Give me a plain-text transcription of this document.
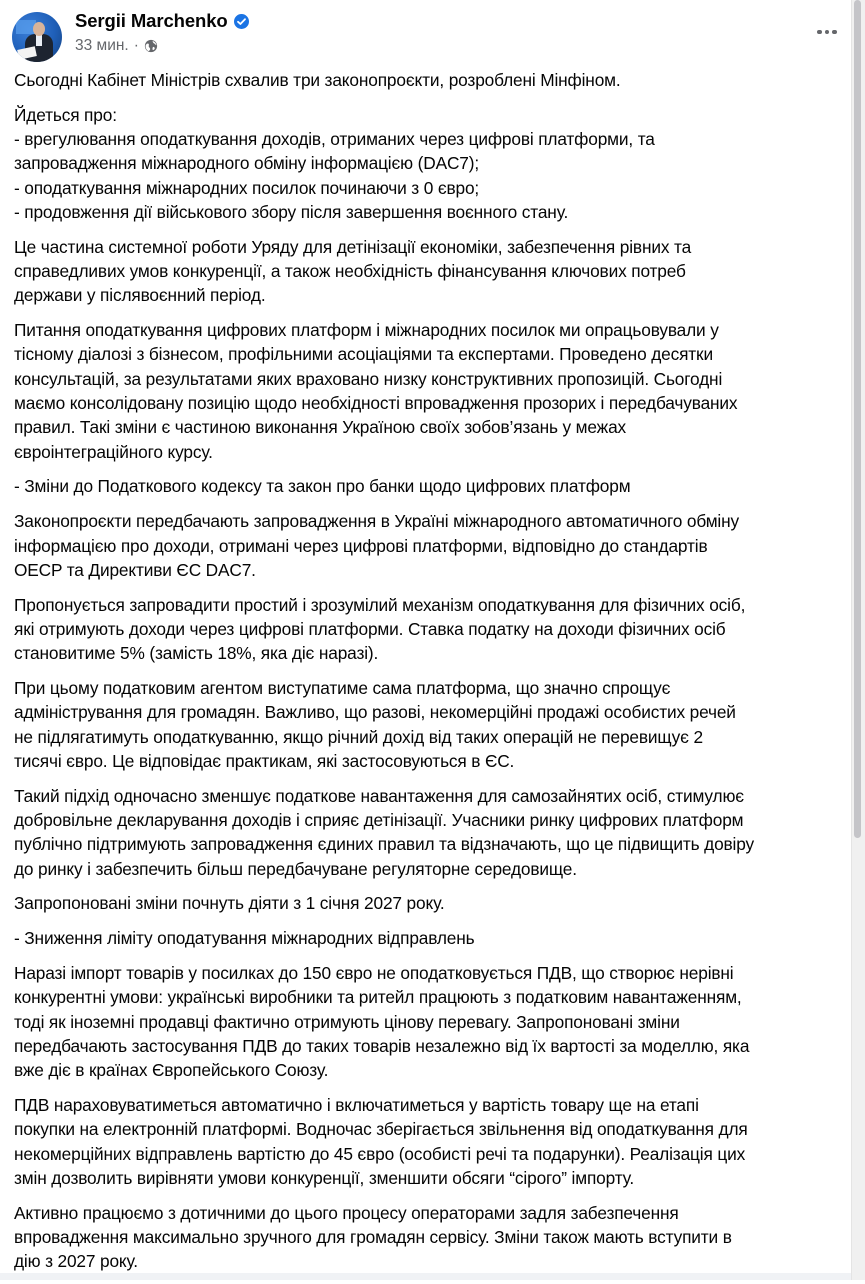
Sergii Marchenko
33 мин. ·
Сьогодні Кабінет Міністрів схвалив три законопроєкти, розроблені Мінфіном.
Йдеться про:
- врегулювання оподаткування доходів, отриманих через цифрові платформи, та
запровадження міжнародного обміну інформацією (DAC7);
- оподаткування міжнародних посилок починаючи з 0 євро;
- продовження дії військового збору після завершення воєнного стану.
Це частина системної роботи Уряду для детінізації економіки, забезпечення рівних та
справедливих умов конкуренції, а також необхідність фінансування ключових потреб
держави у післявоєнний період.
Питання оподаткування цифрових платформ і міжнародних посилок ми опрацьовували у
тісному діалозі з бізнесом, профільними асоціаціями та експертами. Проведено десятки
консультацій, за результатами яких враховано низку конструктивних пропозицій. Сьогодні
маємо консолідовану позицію щодо необхідності впровадження прозорих і передбачуваних
правил. Такі зміни є частиною виконання Україною своїх зобов’язань у межах
євроінтеграційного курсу.
- Зміни до Податкового кодексу та закон про банки щодо цифрових платформ
Законопроєкти передбачають запровадження в Україні міжнародного автоматичного обміну
інформацією про доходи, отримані через цифрові платформи, відповідно до стандартів
OECP та Директиви ЄС DAC7.
Пропонується запровадити простий і зрозумілий механізм оподаткування для фізичних осіб,
які отримують доходи через цифрові платформи. Ставка податку на доходи фізичних осіб
становитиме 5% (замість 18%, яка діє наразі).
При цьому податковим агентом виступатиме сама платформа, що значно спрощує
адміністрування для громадян. Важливо, що разові, некомерційні продажі особистих речей
не підлягатимуть оподаткуванню, якщо річний дохід від таких операцій не перевищує 2
тисячі євро. Це відповідає практикам, які застосовуються в ЄС.
Такий підхід одночасно зменшує податкове навантаження для самозайнятих осіб, стимулює
добровільне декларування доходів і сприяє детінізації. Учасники ринку цифрових платформ
публічно підтримують запровадження єдиних правил та відзначають, що це підвищить довіру
до ринку і забезпечить більш передбачуване регуляторне середовище.
Запропоновані зміни почнуть діяти з 1 січня 2027 року.
- Зниження ліміту оподатування міжнародних відправлень
Наразі імпорт товарів у посилках до 150 євро не оподатковується ПДВ, що створює нерівні
конкурентні умови: українські виробники та ритейл працюють з податковим навантаженням,
тоді як іноземні продавці фактично отримують цінову перевагу. Запропоновані зміни
передбачають застосування ПДВ до таких товарів незалежно від їх вартості за моделлю, яка
вже діє в країнах Європейського Союзу.
ПДВ нараховуватиметься автоматично і включатиметься у вартість товару ще на етапі
покупки на електронній платформі. Водночас зберігається звільнення від оподаткування для
некомерційних відправлень вартістю до 45 євро (особисті речі та подарунки). Реалізація цих
змін дозволить вирівняти умови конкуренції, зменшити обсяги “сірого” імпорту.
Активно працюємо з дотичними до цього процесу операторами задля забезпечення
впровадження максимально зручного для громадян сервісу. Зміни також мають вступити в
дію з 2027 року.
